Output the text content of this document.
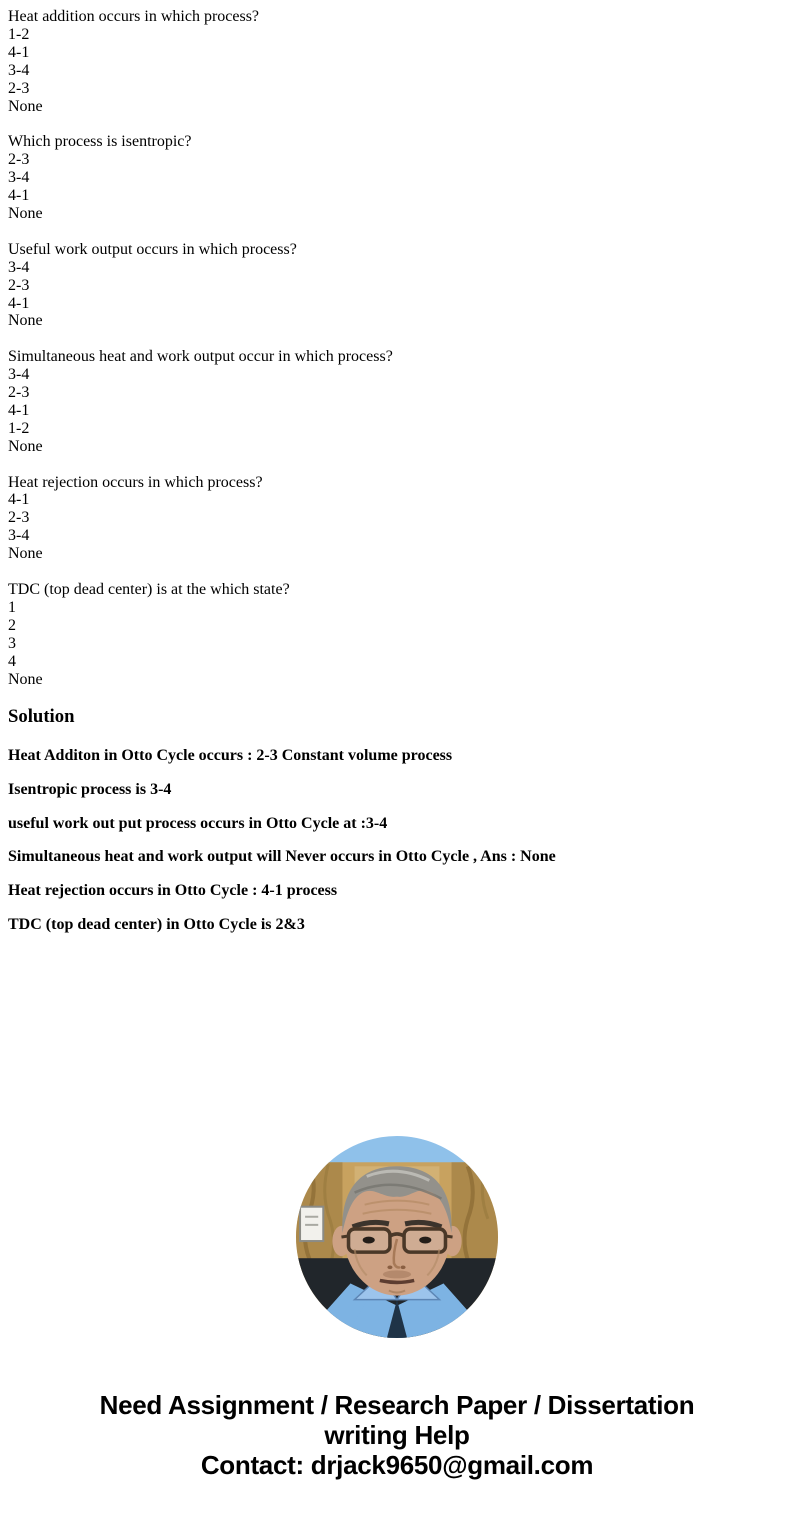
Heat addition occurs in which process?
1-2
4-1
3-4
2-3
None
Which process is isentropic?
2-3
3-4
4-1
None
Useful work output occurs in which process?
3-4
2-3
4-1
None
Simultaneous heat and work output occur in which process?
3-4
2-3
4-1
1-2
None
Heat rejection occurs in which process?
4-1
2-3
3-4
None
TDC (top dead center) is at the which state?
1
2
3
4
None
Solution

Heat Additon in Otto Cycle occurs : 2-3 Constant volume process

Isentropic process is 3-4

useful work out put process occurs in Otto Cycle at :3-4

Simultaneous heat and work output will Never occurs in Otto Cycle , Ans : None

Heat rejection occurs in Otto Cycle : 4-1 process

TDC (top dead center) in Otto Cycle is 2&3

Need Assignment / Research Paper / Dissertation
writing Help
Contact: drjack9650@gmail.com
